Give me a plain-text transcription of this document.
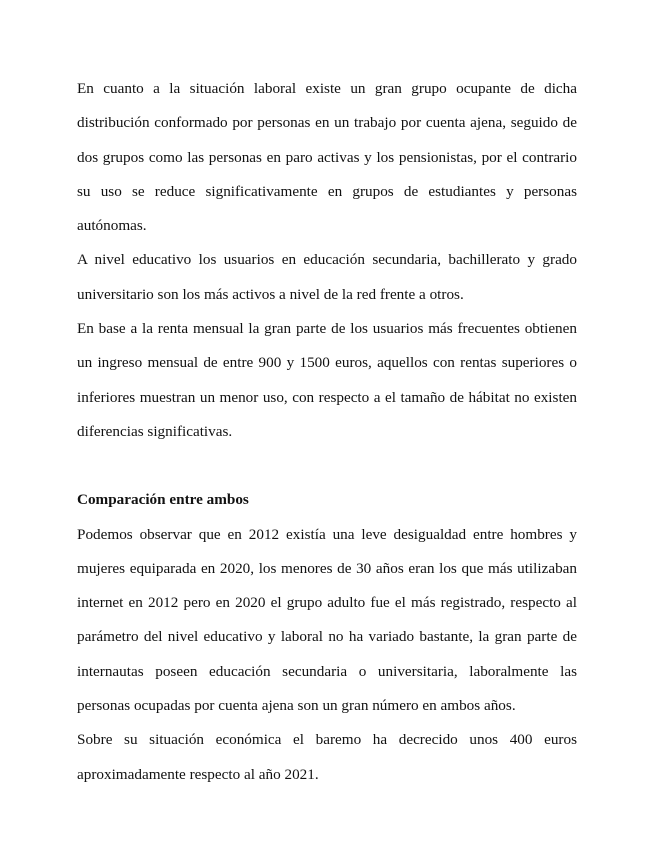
En cuanto a la situación laboral existe un gran grupo ocupante de dicha distribución conformado por personas en un trabajo por cuenta ajena, seguido de dos grupos como las personas en paro activas y los pensionistas, por el contrario su uso se reduce significativamente en grupos de estudiantes y personas autónomas.

A nivel educativo los usuarios en educación secundaria, bachillerato y grado universitario son los más activos a nivel de la red frente a otros.

En base a la renta mensual la gran parte de los usuarios más frecuentes obtienen un ingreso mensual de entre 900 y 1500 euros, aquellos con rentas superiores o inferiores muestran un menor uso, con respecto a el tamaño de hábitat no existen diferencias significativas.

Comparación entre ambos

Podemos observar que en 2012 existía una leve desigualdad entre hombres y mujeres equiparada en 2020, los menores de 30 años eran los que más utilizaban internet en 2012 pero en 2020 el grupo adulto fue el más registrado, respecto al parámetro del nivel educativo y laboral no ha variado bastante, la gran parte de internautas poseen educación secundaria o universitaria, laboralmente las personas ocupadas por cuenta ajena son un gran número en ambos años.

Sobre su situación económica el baremo ha decrecido unos 400 euros aproximadamente respecto al año 2021.
